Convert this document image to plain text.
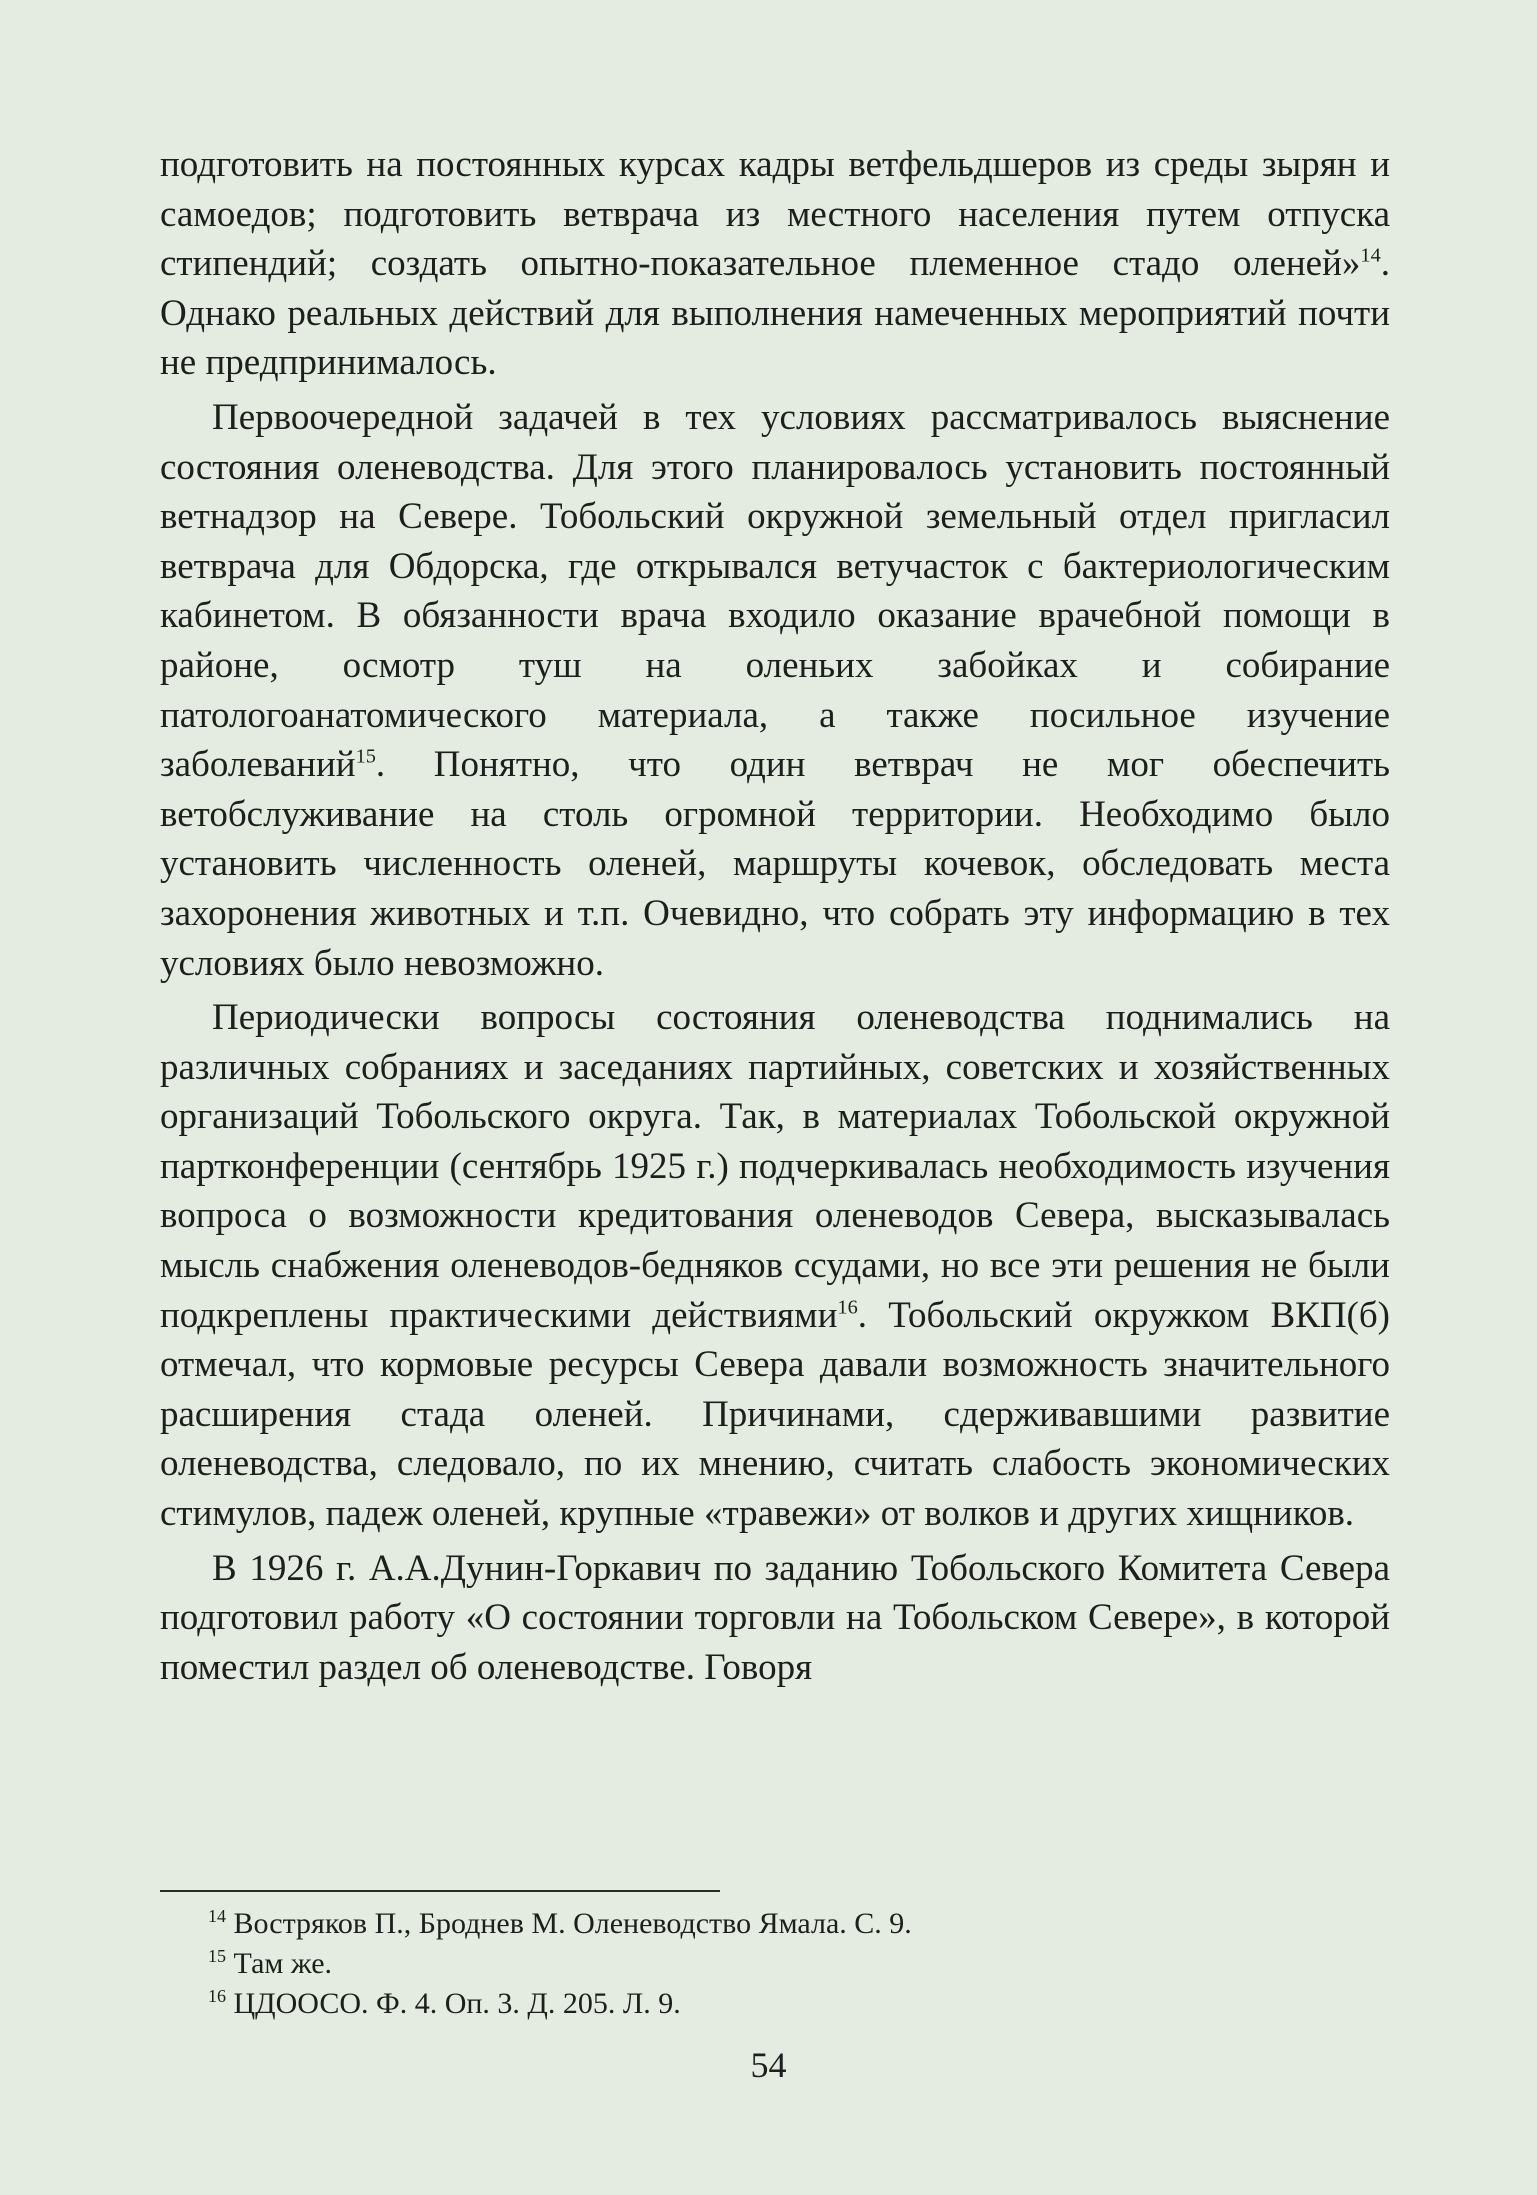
подготовить на постоянных курсах кадры ветфельдшеров из среды зырян и самоедов; подготовить ветврача из местного населения путем отпуска стипендий; создать опытно-показательное племенное стадо оленей»$^{14}$. Однако реальных действий для выполнения намеченных мероприятий почти не предпринималось.

Первоочередной задачей в тех условиях рассматривалось выяснение состояния оленеводства. Для этого планировалось установить постоянный ветнадзор на Севере. Тобольский окружной земельный отдел пригласил ветврача для Обдорска, где открывался ветучасток с бактериологическим кабинетом. В обязанности врача входило оказание врачебной помощи в районе, осмотр туш на оленьих забойках и собирание патологоанатомического материала, а также посильное изучение заболеваний$^{15}$. Понятно, что один ветврач не мог обеспечить ветобслуживание на столь огромной территории. Необходимо было установить численность оленей, маршруты кочевок, обследовать места захоронения животных и т.п. Очевидно, что собрать эту информацию в тех условиях было невозможно.

Периодически вопросы состояния оленеводства поднимались на различных собраниях и заседаниях партийных, советских и хозяйственных организаций Тобольского округа. Так, в материалах Тобольской окружной партконференции (сентябрь 1925 г.) подчеркивалась необходимость изучения вопроса о возможности кредитования оленеводов Севера, высказывалась мысль снабжения оленеводов-бедняков ссудами, но все эти решения не были подкреплены практическими действиями$^{16}$. Тобольский окружком ВКП(б) отмечал, что кормовые ресурсы Севера давали возможность значительного расширения стада оленей. Причинами, сдерживавшими развитие оленеводства, следовало, по их мнению, считать слабость экономических стимулов, падеж оленей, крупные «травежи» от волков и других хищников.

В 1926 г. А.А.Дунин-Горкавич по заданию Тобольского Комитета Севера подготовил работу «О состоянии торговли на Тобольском Севере», в которой поместил раздел об оленеводстве. Говоря

$^{14}$ Востряков П., Броднев М. Оленеводство Ямала. С. 9.

$^{15}$ Там же.

$^{16}$ ЦДООСО. Ф. 4. Оп. 3. Д. 205. Л. 9.

54
